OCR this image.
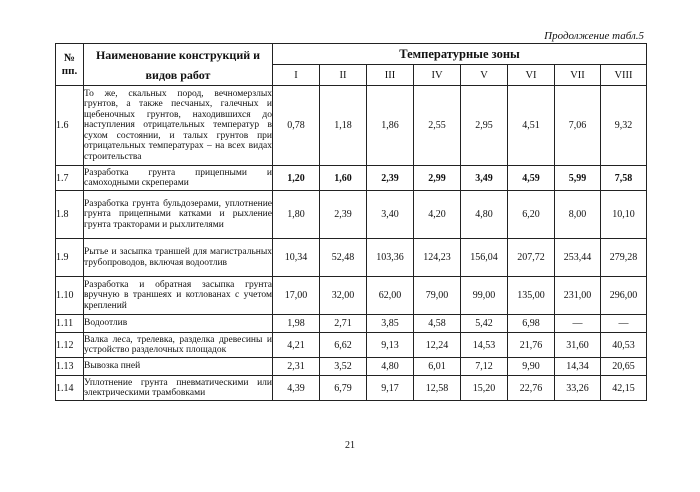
Продолжение табл.5
№ пп.	Наименование конструкций и видов работ	Температурные зоны							
		I	II	III	IV	V	VI	VII	VIII
1.6	То же, скальных пород, вечномерзлых грунтов, а также песчаных, галечных и щебеночных грунтов, находившихся до наступления отрицательных температур в сухом состоянии, и талых грунтов при отрицательных температурах – на всех видах строительства	0,78	1,18	1,86	2,55	2,95	4,51	7,06	9,32
1.7	Разработка грунта прицепными и самоходными скреперами	1,20	1,60	2,39	2,99	3,49	4,59	5,99	7,58
1.8	Разработка грунта бульдозерами, уплотнение грунта прицепными катками и рыхление грунта тракторами и рыхлителями	1,80	2,39	3,40	4,20	4,80	6,20	8,00	10,10
1.9	Рытье и засыпка траншей для магистральных трубопроводов, включая водоотлив	10,34	52,48	103,36	124,23	156,04	207,72	253,44	279,28
1.10	Разработка и обратная засыпка грунта вручную в траншеях и котлованах с учетом креплений	17,00	32,00	62,00	79,00	99,00	135,00	231,00	296,00
1.11	Водоотлив	1,98	2,71	3,85	4,58	5,42	6,98	—	—
1.12	Валка леса, трелевка, разделка древесины и устройство разделочных площадок	4,21	6,62	9,13	12,24	14,53	21,76	31,60	40,53
1.13	Вывозка пней	2,31	3,52	4,80	6,01	7,12	9,90	14,34	20,65
1.14	Уплотнение грунта пневматическими или электрическими трамбовками	4,39	6,79	9,17	12,58	15,20	22,76	33,26	42,15
21
